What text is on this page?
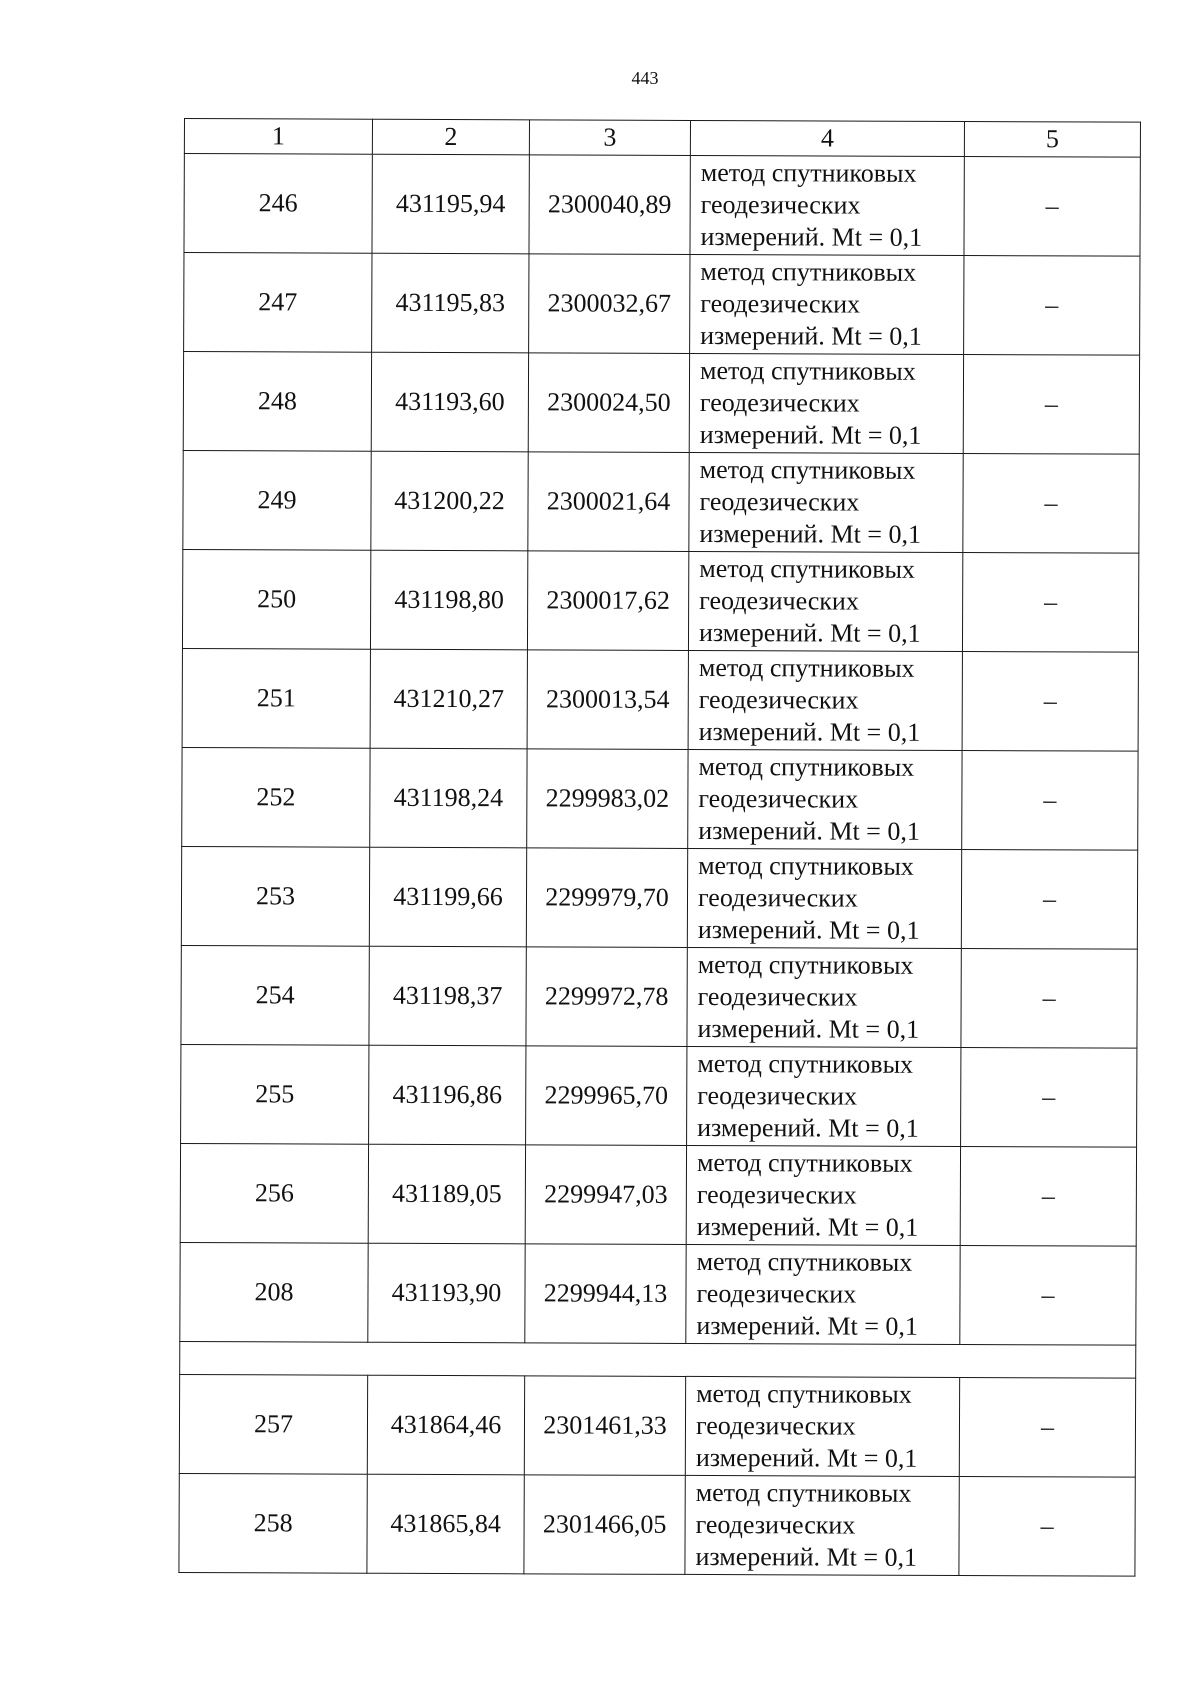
443
1	2	3	4	5
246	431195,94	2300040,89	метод спутниковых
геодезических
измерений. Mt = 0,1	–
247	431195,83	2300032,67	метод спутниковых
геодезических
измерений. Mt = 0,1	–
248	431193,60	2300024,50	метод спутниковых
геодезических
измерений. Mt = 0,1	–
249	431200,22	2300021,64	метод спутниковых
геодезических
измерений. Mt = 0,1	–
250	431198,80	2300017,62	метод спутниковых
геодезических
измерений. Mt = 0,1	–
251	431210,27	2300013,54	метод спутниковых
геодезических
измерений. Mt = 0,1	–
252	431198,24	2299983,02	метод спутниковых
геодезических
измерений. Mt = 0,1	–
253	431199,66	2299979,70	метод спутниковых
геодезических
измерений. Mt = 0,1	–
254	431198,37	2299972,78	метод спутниковых
геодезических
измерений. Mt = 0,1	–
255	431196,86	2299965,70	метод спутниковых
геодезических
измерений. Mt = 0,1	–
256	431189,05	2299947,03	метод спутниковых
геодезических
измерений. Mt = 0,1	–
208	431193,90	2299944,13	метод спутниковых
геодезических
измерений. Mt = 0,1	–

257	431864,46	2301461,33	метод спутниковых
геодезических
измерений. Mt = 0,1	–
258	431865,84	2301466,05	метод спутниковых
геодезических
измерений. Mt = 0,1	–
